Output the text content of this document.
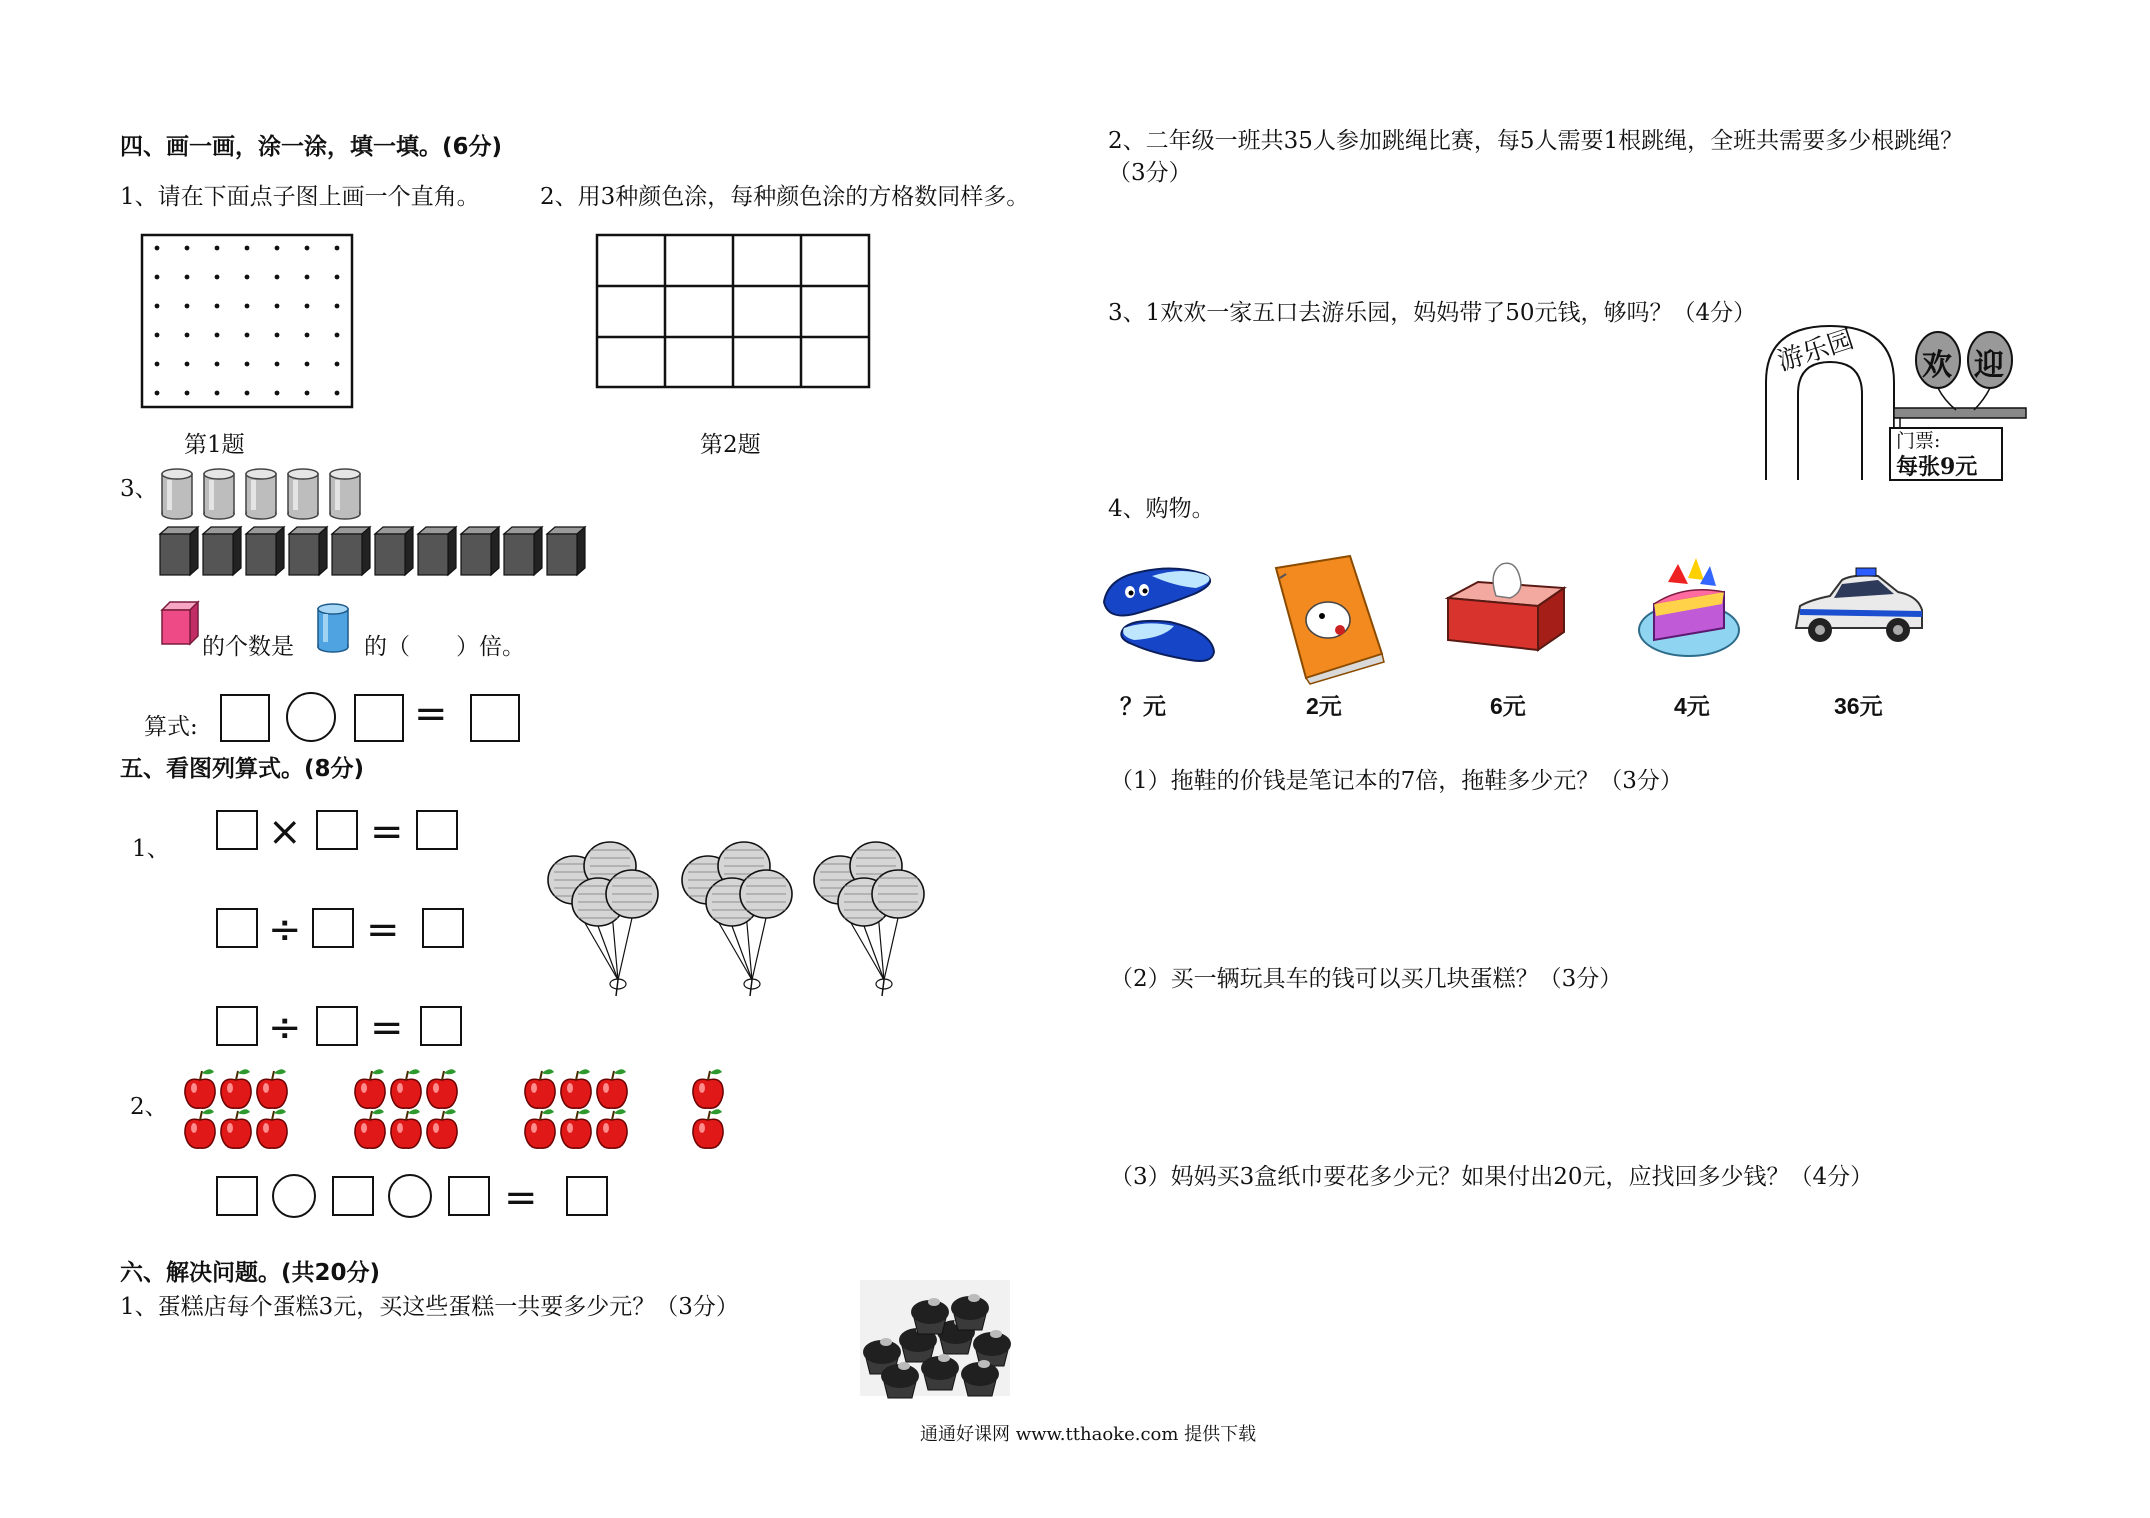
四、画一画，涂一涂，填一填。(6分)
1、请在下面点子图上画一个直角。	2、用3种颜色涂，每种颜色涂的方格数同样多。
第1题	第2题
3、
的个数是	的（　　）倍。
算式:	=
五、看图列算式。(8分)
1、 × =
÷ =
÷ =
2、
=
六、解决问题。(共20分)
1、蛋糕店每个蛋糕3元，买这些蛋糕一共要多少元？（3分）
通通好课网 www.tthaoke.com 提供下载
2、二年级一班共35人参加跳绳比赛，每5人需要1根跳绳，全班共需要多少根跳绳？
（3分）
3、1欢欢一家五口去游乐园，妈妈带了50元钱，够吗？（4分）
游乐园 欢 迎
门票:
每张9元
4、购物。
？元	2元	6元	4元	36元
（1）拖鞋的价钱是笔记本的7倍，拖鞋多少元？（3分）
（2）买一辆玩具车的钱可以买几块蛋糕？（3分）
（3）妈妈买3盒纸巾要花多少元？如果付出20元，应找回多少钱？（4分）
